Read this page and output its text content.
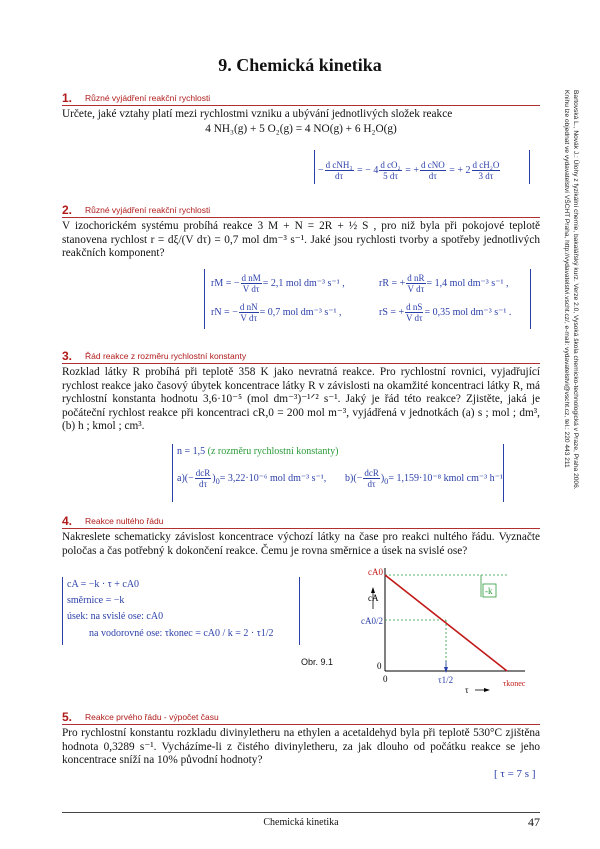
9. Chemická kinetika
Bartovská L., Novák J.: Úlohy z fyzikální chemie, bakalářský kurz. Verze 2.0, Vysoká škola chemicko-technologická v Praze, Praha 2006.
Knihu lze objednat ve vydavatelství VŠCHT Praha, http://vydavatelstvi.vscht.cz/, e-mail: vydavatelstvi@vscht.cz, tel.: 220 443 211
1. Různé vyjádření reakční rychlosti
Určete, jaké vztahy platí mezi rychlostmi vzniku a ubývání jednotlivých složek reakce
4 NH₃(g) + 5 O₂(g) = 4 NO(g) + 6 H₂O(g)
− $\frac{\text{d cNH₃}}{d\tau}$ = − $4 \frac{\text{d cO₂}}{5 d\tau}$ = + $\frac{\text{d cNO}}{d\tau}$ = + $2 \frac{\text{d cH₂O}}{3 d\tau}$
2. Různé vyjádření reakční rychlosti
V izochorickém systému probíhá reakce 3 M + N = 2R + ½ S , pro niž byla při pokojové teplotě stanovena rychlost r = dξ/(V dτ) = 0,7 mol dm⁻³ s⁻¹. Jaké jsou rychlosti tvorby a spotřeby jednotlivých reakčních komponent?
rM = − $\frac{\text{d nM}}{\text{V dτ}} = 2,1$ mol dm⁻³ s⁻¹ ,	rR = + $\frac{\text{d nR}}{\text{V dτ}} = 1,4$ mol dm⁻³ s⁻¹ ,
rN = − $\frac{\text{d nN}}{\text{V dτ}} = 0,7$ mol dm⁻³ s⁻¹ ,	rS = + $\frac{\text{d nS}}{\text{V dτ}} = 0,35$ mol dm⁻³ s⁻¹ .
3. Řád reakce z rozměru rychlostní konstanty
Rozklad látky R probíhá při teplotě 358 K jako nevratná reakce. Pro rychlostní rovnici, vyjadřující rychlost reakce jako časový úbytek koncentrace látky R v závislosti na okamžité koncentraci látky R, má rychlostní konstanta hodnotu 3,6·10⁻⁵ (mol dm⁻³)⁻¹ᐟ² s⁻¹. Jaký je řád této reakce? Zjistěte, jaká je počáteční rychlost reakce při koncentraci cR,0 = 200 mol m⁻³, vyjádřená v jednotkách (a) s ; mol ; dm³, (b) h ; kmol ; cm³.
n = 1,5 (z rozměru rychlostní konstanty)
$a)(- \frac{\text{dcR}}{d\tau} )_0= 3,22\cdot 10^{-6}$ mol dm⁻³ s⁻¹, $b)(- \frac{\text{dcR}}{d\tau} )_0= 1,159\cdot 10^{-8}$ kmol cm⁻³ h⁻¹
4. Reakce nultého řádu
Nakreslete schematicky závislost koncentrace výchozí látky na čase pro reakci nultého řádu. Vyznačte poločas a čas potřebný k dokončení reakce. Čemu je rovna směrnice a úsek na svislé ose?
cA = −k · τ + cA0
směrnice = −k
úsek: na svislé ose: cA0
na vodorovné ose: τkonec = cA0 / k = 2 · τ1/2
Obr. 9.1
-k
cA0
cA
cA0/2
0
0	τ1/2
τ
τkonec
5. Reakce prvého řádu - výpočet času
Pro rychlostní konstantu rozkladu divinyletheru na ethylen a acetaldehyd byla při teplotě 530°C zjištěna hodnota 0,3289 s⁻¹. Vycházíme-li z čistého divinyletheru, za jak dlouho od počátku reakce se jeho koncentrace sníží na 10% původní hodnoty?
[ τ = 7 s ]
Chemická kinetika	47
